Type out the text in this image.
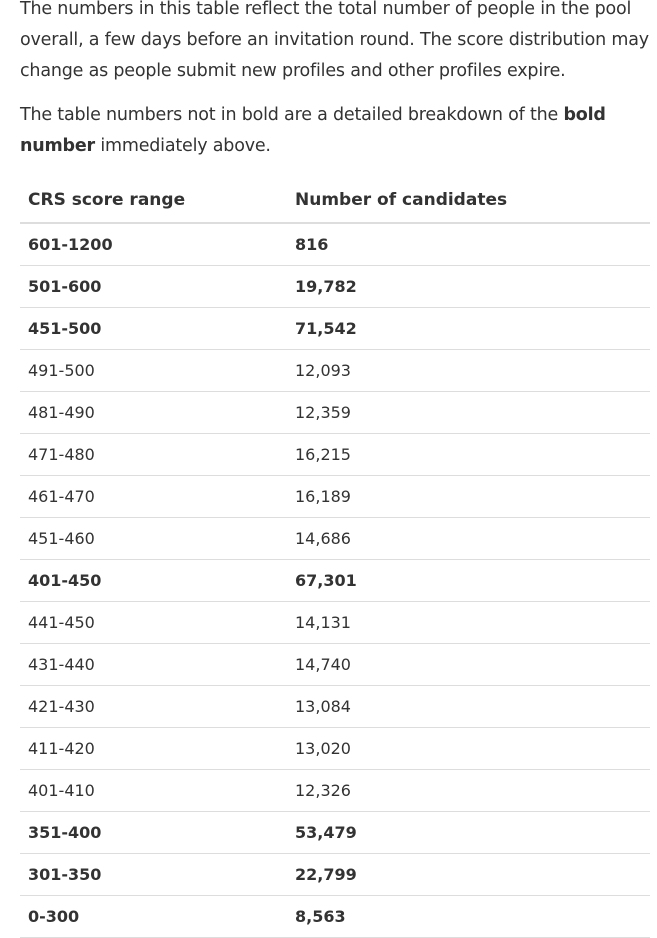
The numbers in this table reflect the total number of people in the pool overall, a few days before an invitation round. The score distribution may change as people submit new profiles and other profiles expire.

The table numbers not in bold are a detailed breakdown of the bold
number immediately above.

CRS score range	Number of candidates
601-1200	816
501-600	19,782
451-500	71,542
491-500	12,093
481-490	12,359
471-480	16,215
461-470	16,189
451-460	14,686
401-450	67,301
441-450	14,131
431-440	14,740
421-430	13,084
411-420	13,020
401-410	12,326
351-400	53,479
301-350	22,799
0-300	8,563
